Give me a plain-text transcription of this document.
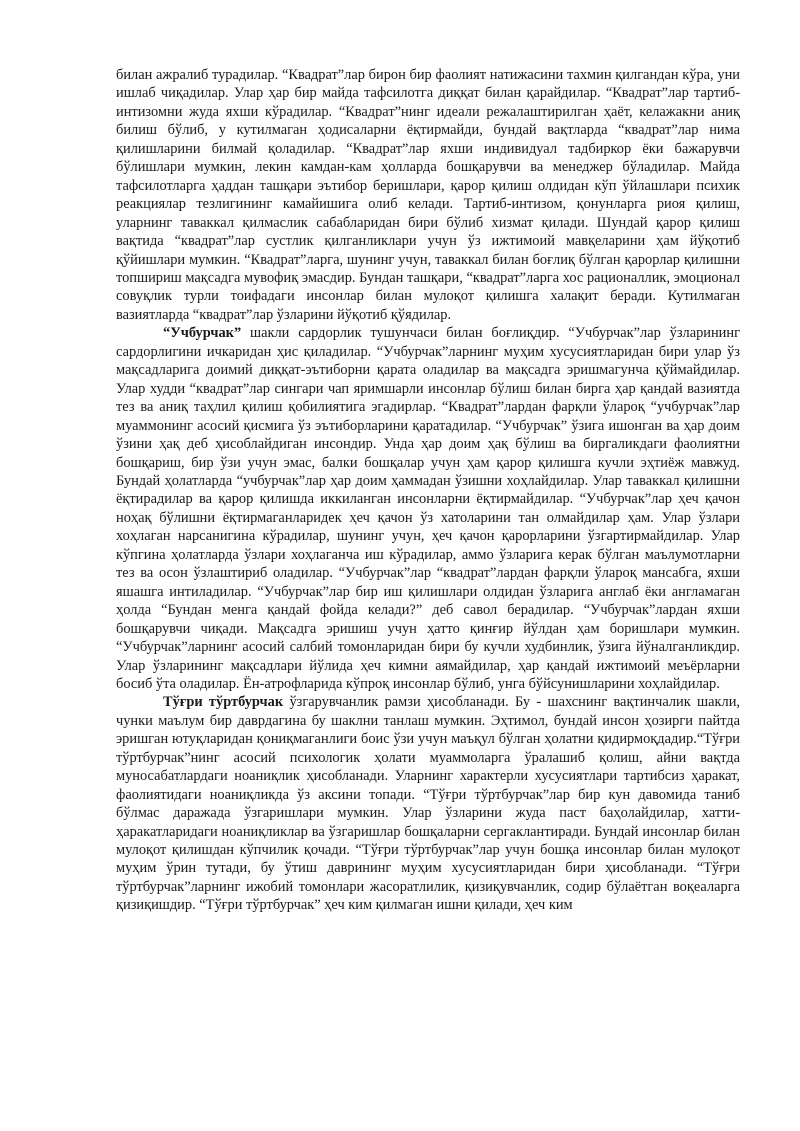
билан ажралиб турадилар. “Квадрат”лар бирон бир фаолият натижасини тахмин қилгандан кўра, уни ишлаб чиқадилар. Улар ҳар бир майда тафсилотга диққат билан қарайдилар. “Квадрат”лар тартиб-интизомни жуда яхши кўрадилар. “Квадрат”нинг идеали режалаштирилган ҳаёт, келажакни аниқ билиш бўлиб, у кутилмаган ҳодисаларни ёқтирмайди, бундай вақтларда “квадрат”лар нима қилишларини билмай қоладилар. “Квадрат”лар яхши индивидуал тадбиркор ёки бажарувчи бўлишлари мумкин, лекин камдан-кам ҳолларда бошқарувчи ва менеджер бўладилар. Майда тафсилотларга ҳаддан ташқари эътибор беришлари, қарор қилиш олдидан кўп ўйлашлари психик реакциялар тезлигининг камайишига олиб келади. Тартиб-интизом, қонунларга риоя қилиш, уларнинг таваккал қилмаслик сабабларидан бири бўлиб хизмат қилади. Шундай қарор қилиш вақтида “квадрат”лар сустлик қилганликлари учун ўз ижтимоий мавқеларини ҳам йўқотиб қўйишлари мумкин. “Квадрат”ларга, шунинг учун, таваккал билан боғлиқ бўлган қарорлар қилишни топшириш мақсадга мувофиқ эмасдир. Бундан ташқари, “квадрат”ларга хос рационаллик, эмоционал совуқлик турли тоифадаги инсонлар билан мулоқот қилишга халақит беради. Кутилмаган вазиятларда “квадрат”лар ўзларини йўқотиб қўядилар.

“Учбурчак” шакли сардорлик тушунчаси билан боғлиқдир. “Учбурчак”лар ўзларининг сардорлигини ичкаридан ҳис қиладилар. “Учбурчак”ларнинг муҳим хусусиятларидан бири улар ўз мақсадларига доимий диққат-эътиборни қарата оладилар ва мақсадга эришмагунча қўймайдилар. Улар худди “квадрат”лар сингари чап яримшарли инсонлар бўлиш билан бирга ҳар қандай вазиятда тез ва аниқ таҳлил қилиш қобилиятига эгадирлар. “Квадрат”лардан фарқли ўлароқ “учбурчак”лар муаммонинг асосий қисмига ўз эътиборларини қаратадилар. “Учбурчак” ўзига ишонган ва ҳар доим ўзини ҳақ деб ҳисоблайдиган инсондир. Унда ҳар доим ҳақ бўлиш ва биргаликдаги фаолиятни бошқариш, бир ўзи учун эмас, балки бошқалар учун ҳам қарор қилишга кучли эҳтиёж мавжуд. Бундай ҳолатларда “учбурчак”лар ҳар доим ҳаммадан ўзишни хоҳлайдилар. Улар таваккал қилишни ёқтирадилар ва қарор қилишда иккиланган инсонларни ёқтирмайдилар. “Учбурчак”лар ҳеч қачон ноҳақ бўлишни ёқтирмаганларидек ҳеч қачон ўз хатоларини тан олмайдилар ҳам. Улар ўзлари хоҳлаган нарсанигина кўрадилар, шунинг учун, ҳеч қачон қарорларини ўзгартирмайдилар. Улар кўпгина ҳолатларда ўзлари хоҳлаганча иш кўрадилар, аммо ўзларига керак бўлган маълумотларни тез ва осон ўзлаштириб оладилар. “Учбурчак”лар “квадрат”лардан фарқли ўлароқ мансабга, яхши яшашга интиладилар. “Учбурчак”лар бир иш қилишлари олдидан ўзларига англаб ёки англамаган ҳолда “Бундан менга қандай фойда келади?” деб савол берадилар. “Учбурчак”лардан яхши бошқарувчи чиқади. Мақсадга эришиш учун ҳатто қинғир йўлдан ҳам боришлари мумкин. “Учбурчак”ларнинг асосий салбий томонларидан бири бу кучли худбинлик, ўзига йўналганликдир. Улар ўзларининг мақсадлари йўлида ҳеч кимни аямайдилар, ҳар қандай ижтимоий меъёрларни босиб ўта оладилар. Ён-атрофларида кўпроқ инсонлар бўлиб, унга бўйсунишларини хоҳлайдилар.

Тўғри тўртбурчак ўзгарувчанлик рамзи ҳисобланади. Бу - шахснинг вақтинчалик шакли, чунки маълум бир даврдагина бу шаклни танлаш мумкин. Эҳтимол, бундай инсон ҳозирги пайтда эришган ютуқларидан қониқмаганлиги боис ўзи учун маъқул бўлган ҳолатни қидирмоқдадир.“Тўғри тўртбурчак”нинг асосий психологик ҳолати муаммоларга ўралашиб қолиш, айни вақтда муносабатлардаги ноаниқлик ҳисобланади. Уларнинг характерли хусусиятлари тартибсиз ҳаракат, фаолиятидаги ноаниқликда ўз аксини топади. “Тўғри тўртбурчак”лар бир кун давомида таниб бўлмас даражада ўзгаришлари мумкин. Улар ўзларини жуда паст баҳолайдилар, хатти-ҳаракатларидаги ноаниқликлар ва ўзгаришлар бошқаларни сергаклантиради. Бундай инсонлар билан мулоқот қилишдан кўпчилик қочади. “Тўғри тўртбурчак”лар учун бошқа инсонлар билан мулоқот муҳим ўрин тутади, бу ўтиш даврининг муҳим хусусиятларидан бири ҳисобланади. “Тўғри тўртбурчак”ларнинг ижобий томонлари жасоратлилик, қизиқувчанлик, содир бўлаётган воқеаларга қизиқишдир. “Тўғри тўртбурчак” ҳеч ким қилмаган ишни қилади, ҳеч ким
